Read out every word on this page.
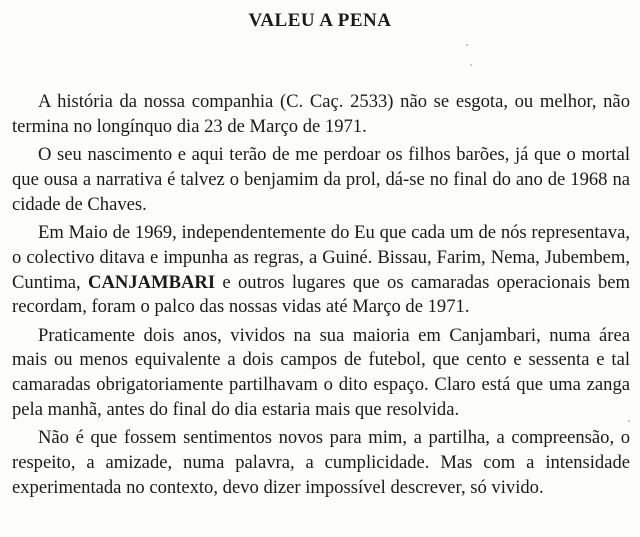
VALEU A PENA

A história da nossa companhia (C. Caç. 2533) não se esgota, ou melhor, não termina no longínquo dia 23 de Março de 1971.

O seu nascimento e aqui terão de me perdoar os filhos barões, já que o mortal que ousa a narrativa é talvez o benjamim da prol, dá-se no final do ano de 1968 na cidade de Chaves.

Em Maio de 1969, independentemente do Eu que cada um de nós representava, o colectivo ditava e impunha as regras, a Guiné. Bissau, Farim, Nema, Jubembem, Cuntima, CANJAMBARI e outros lugares que os camaradas operacionais bem recordam, foram o palco das nossas vidas até Março de 1971.

Praticamente dois anos, vividos na sua maioria em Canjambari, numa área mais ou menos equivalente a dois campos de futebol, que cento e sessenta e tal camaradas obrigatoriamente partilhavam o dito espaço. Claro está que uma zanga pela manhã, antes do final do dia estaria mais que resolvida.

Não é que fossem sentimentos novos para mim, a partilha, a compreensão, o respeito, a amizade, numa palavra, a cumplicidade. Mas com a intensidade experimentada no contexto, devo dizer impossível descrever, só vivido.
